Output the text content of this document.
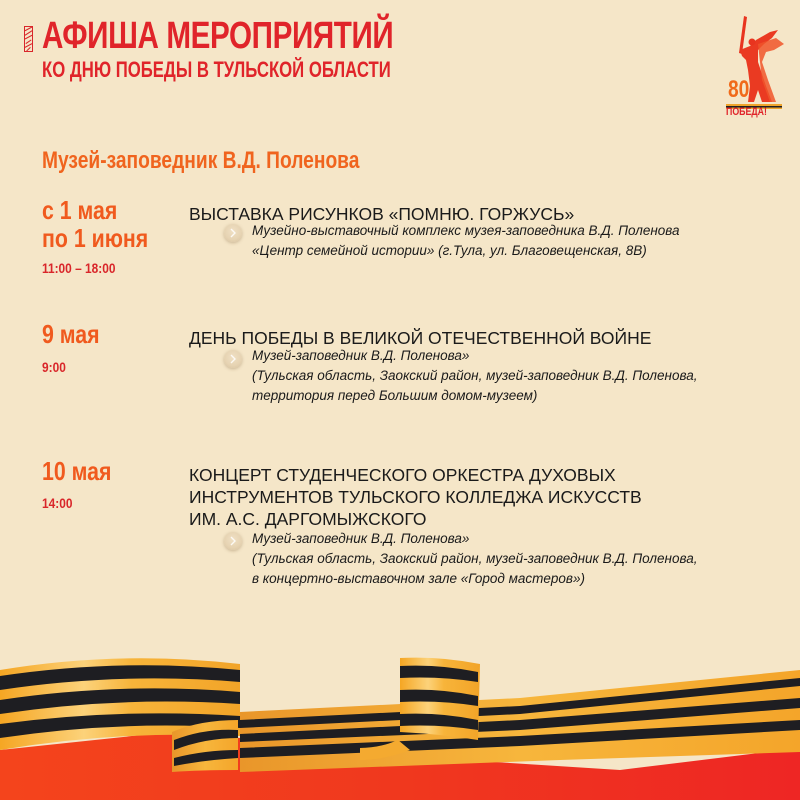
АФИША МЕРОПРИЯТИЙ
КО ДНЮ ПОБЕДЫ В ТУЛЬСКОЙ ОБЛАСТИ
80
ПОБЕДА!
Музей-заповедник В.Д. Поленова
с 1 мая
по 1 июня
11:00 – 18:00
ВЫСТАВКА РИСУНКОВ «ПОМНЮ. ГОРЖУСЬ»
Музейно-выставочный комплекс музея-заповедника В.Д. Поленова
«Центр семейной истории» (г.Тула, ул. Благовещенская, 8В)
9 мая
9:00
ДЕНЬ ПОБЕДЫ В ВЕЛИКОЙ ОТЕЧЕСТВЕННОЙ ВОЙНЕ
Музей-заповедник В.Д. Поленова»
(Тульская область, Заокский район, музей-заповедник В.Д. Поленова,
территория перед Большим домом-музеем)
10 мая
14:00
КОНЦЕРТ СТУДЕНЧЕСКОГО ОРКЕСТРА ДУХОВЫХ
ИНСТРУМЕНТОВ ТУЛЬСКОГО КОЛЛЕДЖА ИСКУССТВ
ИМ. А.С. ДАРГОМЫЖСКОГО
Музей-заповедник В.Д. Поленова»
(Тульская область, Заокский район, музей-заповедник В.Д. Поленова,
в концертно-выставочном зале «Город мастеров»)
